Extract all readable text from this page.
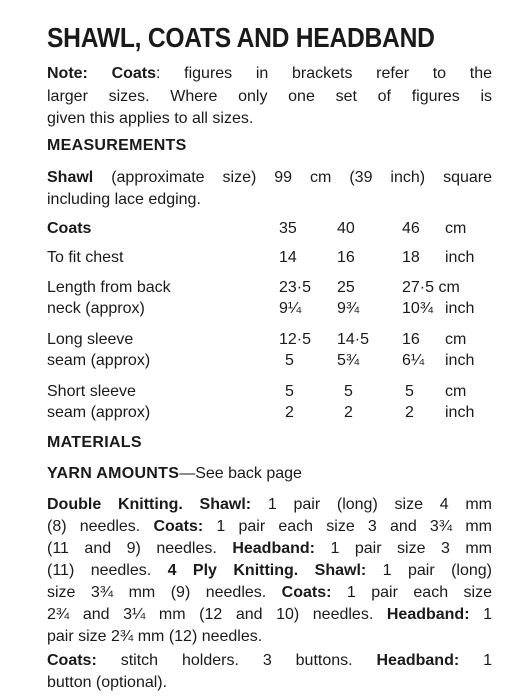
SHAWL, COATS AND HEADBAND
Note: Coats: figures in brackets refer to the
larger sizes. Where only one set of figures is
given this applies to all sizes.
MEASUREMENTS
Shawl (approximate size) 99 cm (39 inch) square
including lace edging.
Coats	35	40	46 cm
To fit chest	14	16	18 inch
Length from back	23·5 25	27·5 cm
neck (approx)	9¼ 9¾	10¾ inch
Long sleeve	12·5 14·5 16 cm
seam (approx)	5	5¾	6¼ inch
Short sleeve	5	5	5 cm
seam (approx)	2	2	2 inch
MATERIALS
YARN AMOUNTS—See back page
Double Knitting. Shawl: 1 pair (long) size 4 mm
(8) needles. Coats: 1 pair each size 3 and 3¾ mm
(11 and 9) needles. Headband: 1 pair size 3 mm
(11) needles. 4 Ply Knitting. Shawl: 1 pair (long)
size 3¾ mm (9) needles. Coats: 1 pair each size
2¾ and 3¼ mm (12 and 10) needles. Headband: 1
pair size 2¾ mm (12) needles.
Coats: stitch holders. 3 buttons. Headband: 1
button (optional).
